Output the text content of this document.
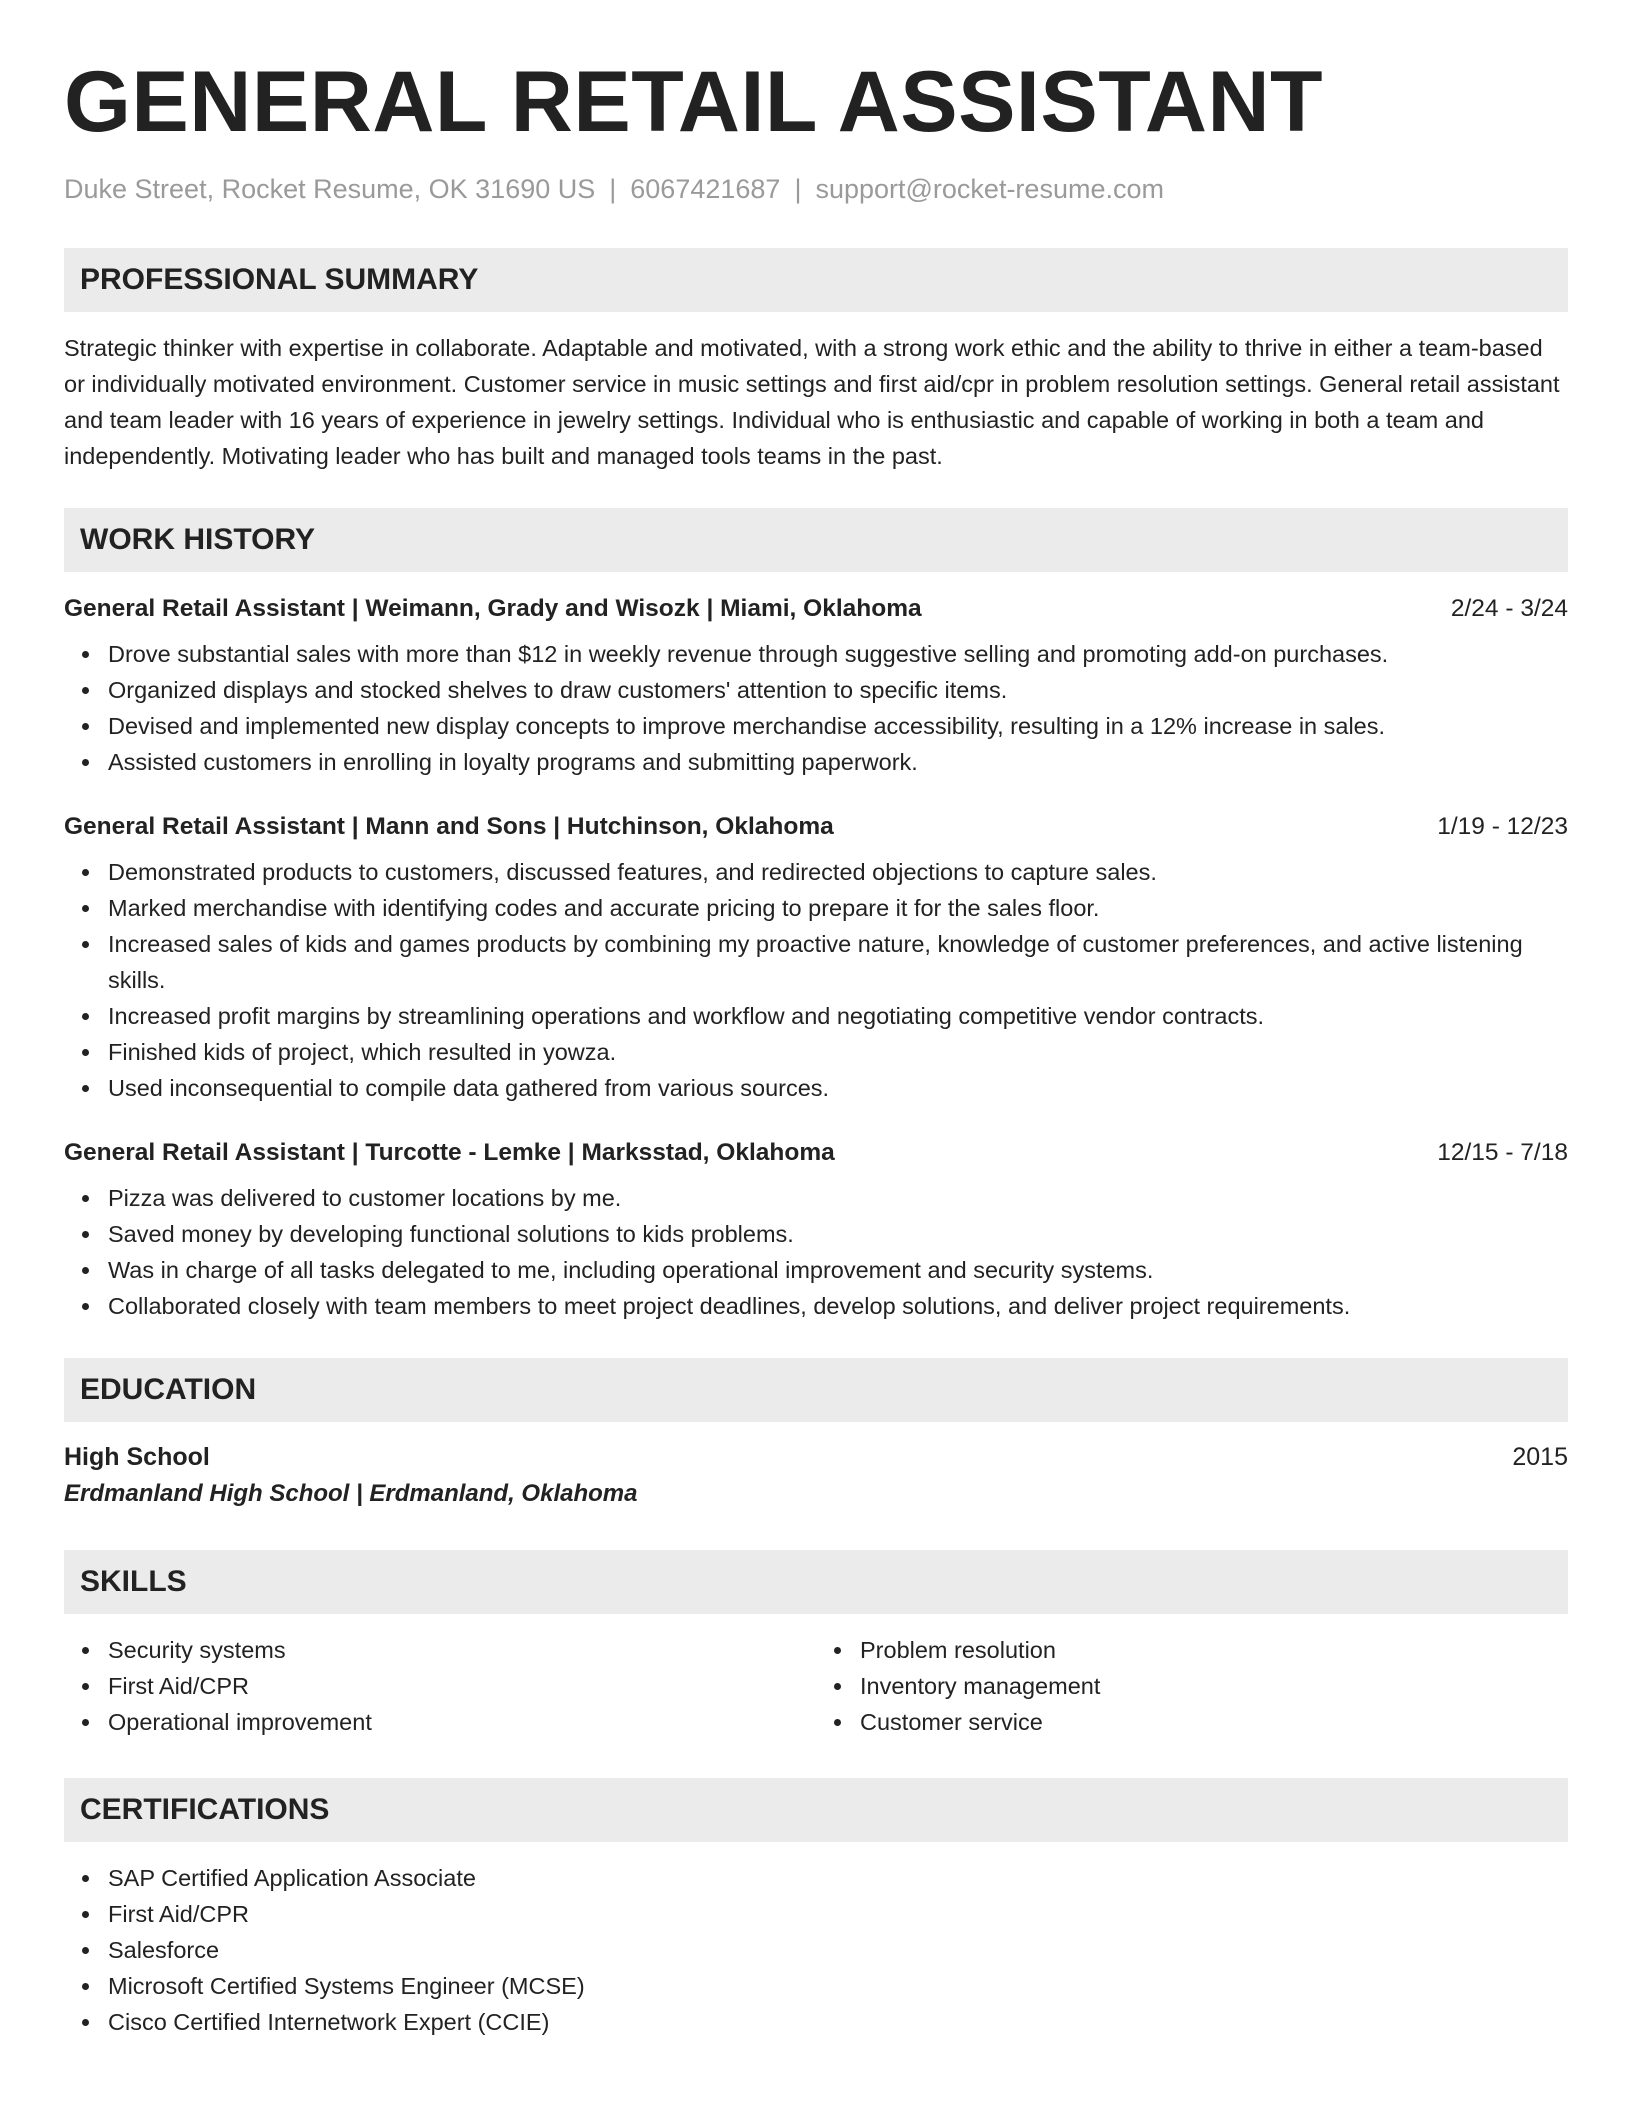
GENERAL RETAIL ASSISTANT
Duke Street, Rocket Resume, OK 31690 US | 6067421687 | support@rocket-resume.com
PROFESSIONAL SUMMARY

Strategic thinker with expertise in collaborate. Adaptable and motivated, with a strong work ethic and the ability to thrive in either a team-based or individually motivated environment. Customer service in music settings and first aid/cpr in problem resolution settings. General retail assistant and team leader with 16 years of experience in jewelry settings. Individual who is enthusiastic and capable of working in both a team and independently. Motivating leader who has built and managed tools teams in the past.

WORK HISTORY
General Retail Assistant | Weimann, Grady and Wisozk | Miami, Oklahoma	2/24 - 3/24
Drove substantial sales with more than $12 in weekly revenue through suggestive selling and promoting add-on purchases.
Organized displays and stocked shelves to draw customers' attention to specific items.
Devised and implemented new display concepts to improve merchandise accessibility, resulting in a 12% increase in sales.
Assisted customers in enrolling in loyalty programs and submitting paperwork.
General Retail Assistant | Mann and Sons | Hutchinson, Oklahoma	1/19 - 12/23
Demonstrated products to customers, discussed features, and redirected objections to capture sales.
Marked merchandise with identifying codes and accurate pricing to prepare it for the sales floor.
Increased sales of kids and games products by combining my proactive nature, knowledge of customer preferences, and active listening skills.
Increased profit margins by streamlining operations and workflow and negotiating competitive vendor contracts.
Finished kids of project, which resulted in yowza.
Used inconsequential to compile data gathered from various sources.
General Retail Assistant | Turcotte - Lemke | Marksstad, Oklahoma	12/15 - 7/18
Pizza was delivered to customer locations by me.
Saved money by developing functional solutions to kids problems.
Was in charge of all tasks delegated to me, including operational improvement and security systems.
Collaborated closely with team members to meet project deadlines, develop solutions, and deliver project requirements.
EDUCATION
High School	2015
Erdmanland High School | Erdmanland, Oklahoma
SKILLS
Security systems
First Aid/CPR
Operational improvement
Problem resolution
Inventory management
Customer service
CERTIFICATIONS
SAP Certified Application Associate
First Aid/CPR
Salesforce
Microsoft Certified Systems Engineer (MCSE)
Cisco Certified Internetwork Expert (CCIE)
